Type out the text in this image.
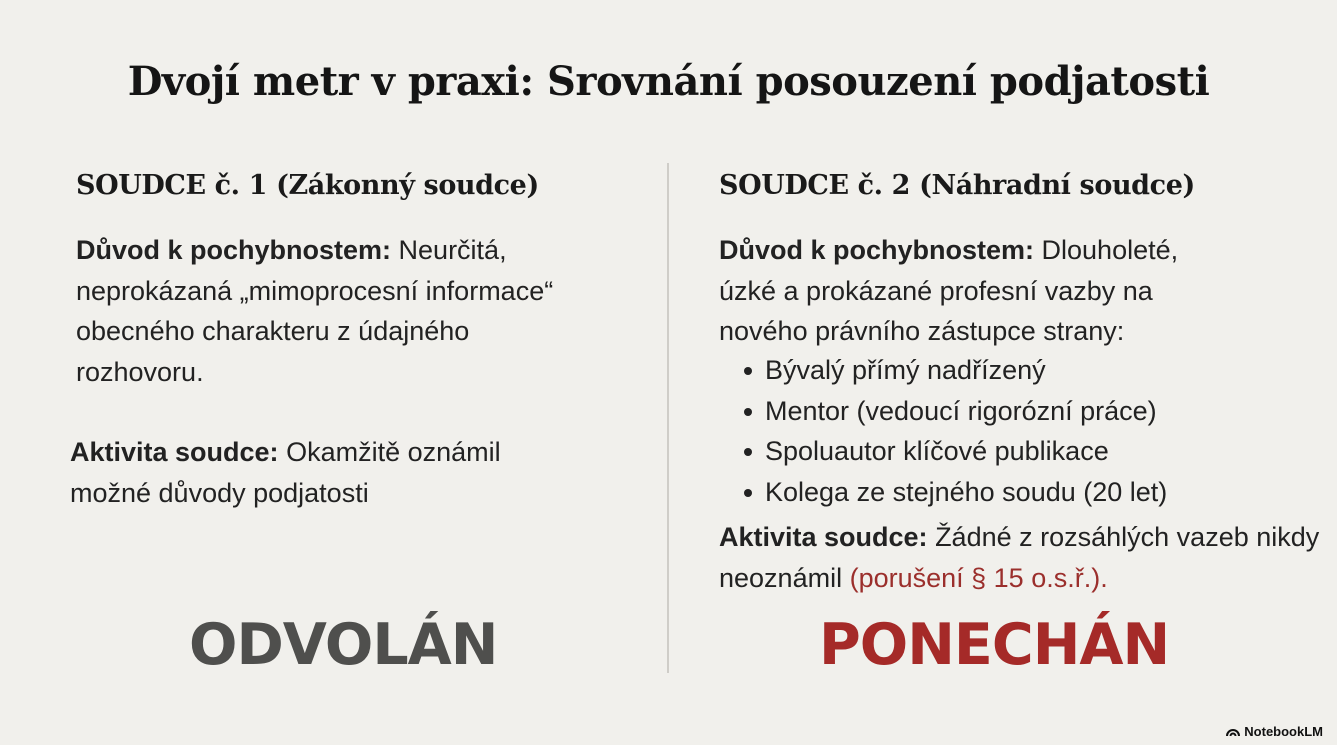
Dvojí metr v praxi: Srovnání posouzení podjatosti
SOUDCE č. 1 (Zákonný soudce)

Důvod k pochybnostem: Neurčitá, neprokázaná „mimoprocesní informace“ obecného charakteru z údajného rozhovoru.

Aktivita soudce: Okamžitě oznámil možné důvody podjatosti

ODVOLÁN
SOUDCE č. 2 (Náhradní soudce)

Důvod k pochybnostem: Dlouholeté, úzké a prokázané profesní vazby na nového právního zástupce strany:

Bývalý přímý nadřízený
Mentor (vedoucí rigorózní práce)
Spoluautor klíčové publikace
Kolega ze stejného soudu (20 let)

Aktivita soudce: Žádné z rozsáhlých vazeb nikdy neoznámil (porušení § 15 o.s.ř.).

PONECHÁN
NotebookLM
